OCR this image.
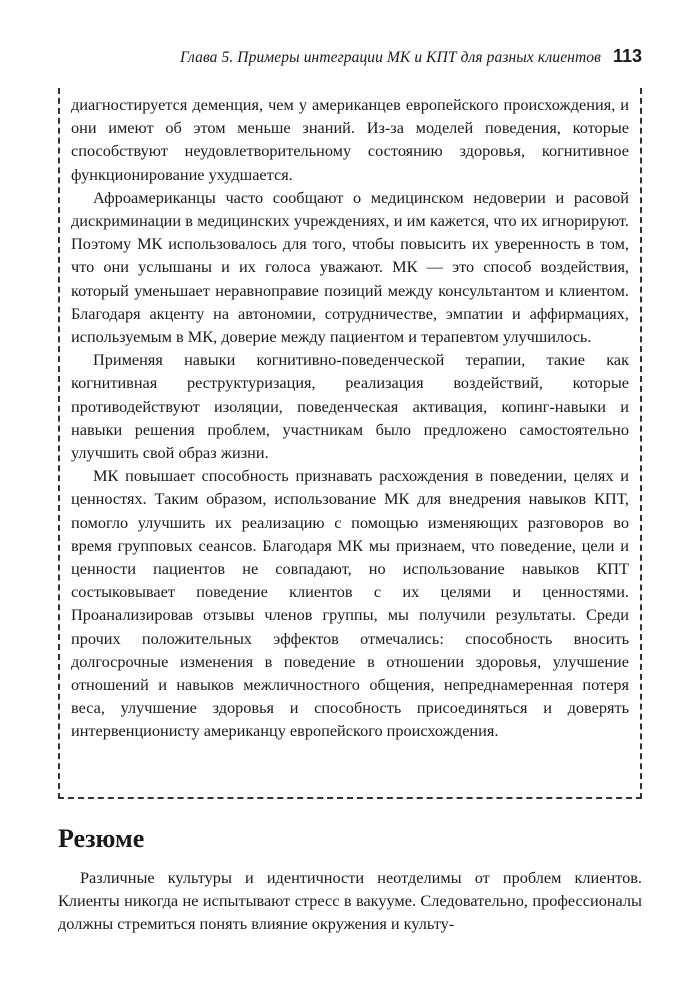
Глава 5. Примеры интеграции МК и КПТ для разных клиентов 113

диагностируется деменция, чем у американцев европейского происхождения, и они имеют об этом меньше знаний. Из-за моделей поведения, которые способствуют неудовлетворительному состоянию здоровья, когнитивное функционирование ухудшается.

Афроамериканцы часто сообщают о медицинском недоверии и расовой дискриминации в медицинских учреждениях, и им кажется, что их игнорируют. Поэтому МК использовалось для того, чтобы повысить их уверенность в том, что они услышаны и их голоса уважают. МК — это способ воздействия, который уменьшает неравноправие позиций между консультантом и клиентом. Благодаря акценту на автономии, сотрудничестве, эмпатии и аффирмациях, используемым в МК, доверие между пациентом и терапевтом улучшилось.

Применяя навыки когнитивно-поведенческой терапии, такие как когнитивная реструктуризация, реализация воздействий, которые противодействуют изоляции, поведенческая активация, копинг-навыки и навыки решения проблем, участникам было предложено самостоятельно улучшить свой образ жизни.

МК повышает способность признавать расхождения в поведении, целях и ценностях. Таким образом, использование МК для внедрения навыков КПТ, помогло улучшить их реализацию с помощью изменяющих разговоров во время групповых сеансов. Благодаря МК мы признаем, что поведение, цели и ценности пациентов не совпадают, но использование навыков КПТ состыковывает поведение клиентов с их целями и ценностями. Проанализировав отзывы членов группы, мы получили результаты. Среди прочих положительных эффектов отмечались: способность вносить долгосрочные изменения в поведение в отношении здоровья, улучшение отношений и навыков межличностного общения, непреднамеренная потеря веса, улучшение здоровья и способность присоединяться и доверять интервенционисту американцу европейского происхождения.

Резюме

Различные культуры и идентичности неотделимы от проблем клиентов. Клиенты никогда не испытывают стресс в вакууме. Следовательно, профессионалы должны стремиться понять влияние окружения и культу-
